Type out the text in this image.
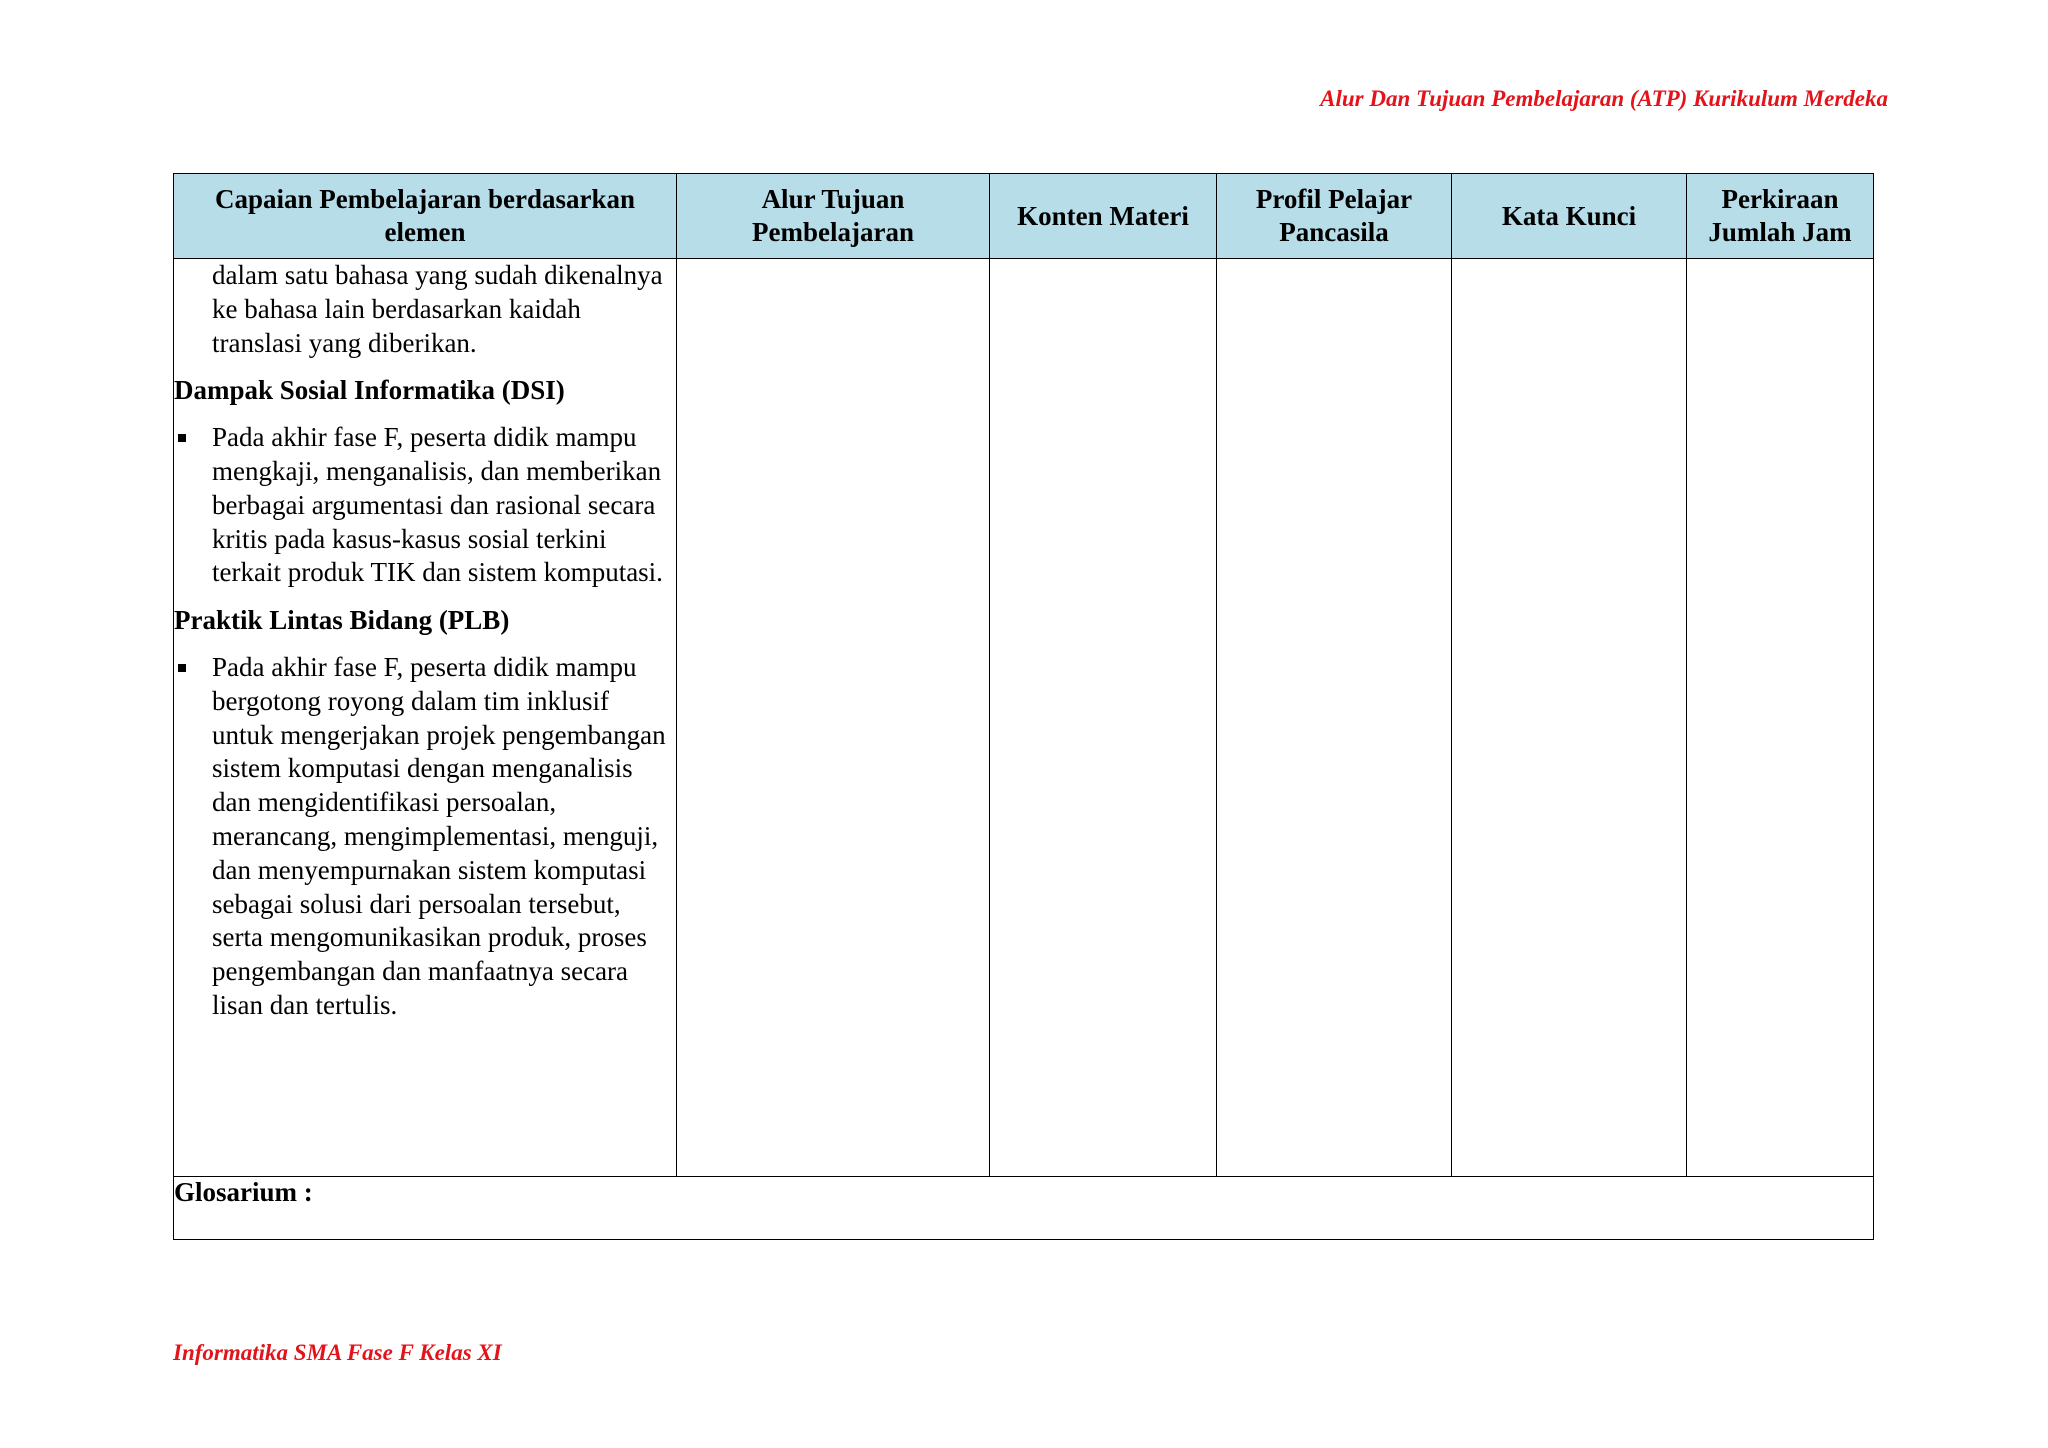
Alur Dan Tujuan Pembelajaran (ATP) Kurikulum Merdeka
Capaian Pembelajaran berdasarkan elemen	Alur Tujuan Pembelajaran	Konten Materi	Profil Pelajar Pancasila	Kata Kunci	Perkiraan Jumlah Jam

dalam satu bahasa yang sudah dikenalnya ke bahasa lain berdasarkan kaidah translasi yang diberikan.
Dampak Sosial Informatika (DSI)
Pada akhir fase F, peserta didik mampu mengkaji, menganalisis, dan memberikan berbagai argumentasi dan rasional secara kritis pada kasus-kasus sosial terkini terkait produk TIK dan sistem komputasi.
Praktik Lintas Bidang (PLB)
Pada akhir fase F, peserta didik mampu bergotong royong dalam tim inklusif untuk mengerjakan projek pengembangan sistem komputasi dengan menganalisis dan mengidentifikasi persoalan, merancang, mengimplementasi, menguji, dan menyempurnakan sistem komputasi sebagai solusi dari persoalan tersebut, serta mengomunikasikan produk, proses pengembangan dan manfaatnya secara lisan dan tertulis.					

Glosarium :					
Informatika SMA Fase F Kelas XI
